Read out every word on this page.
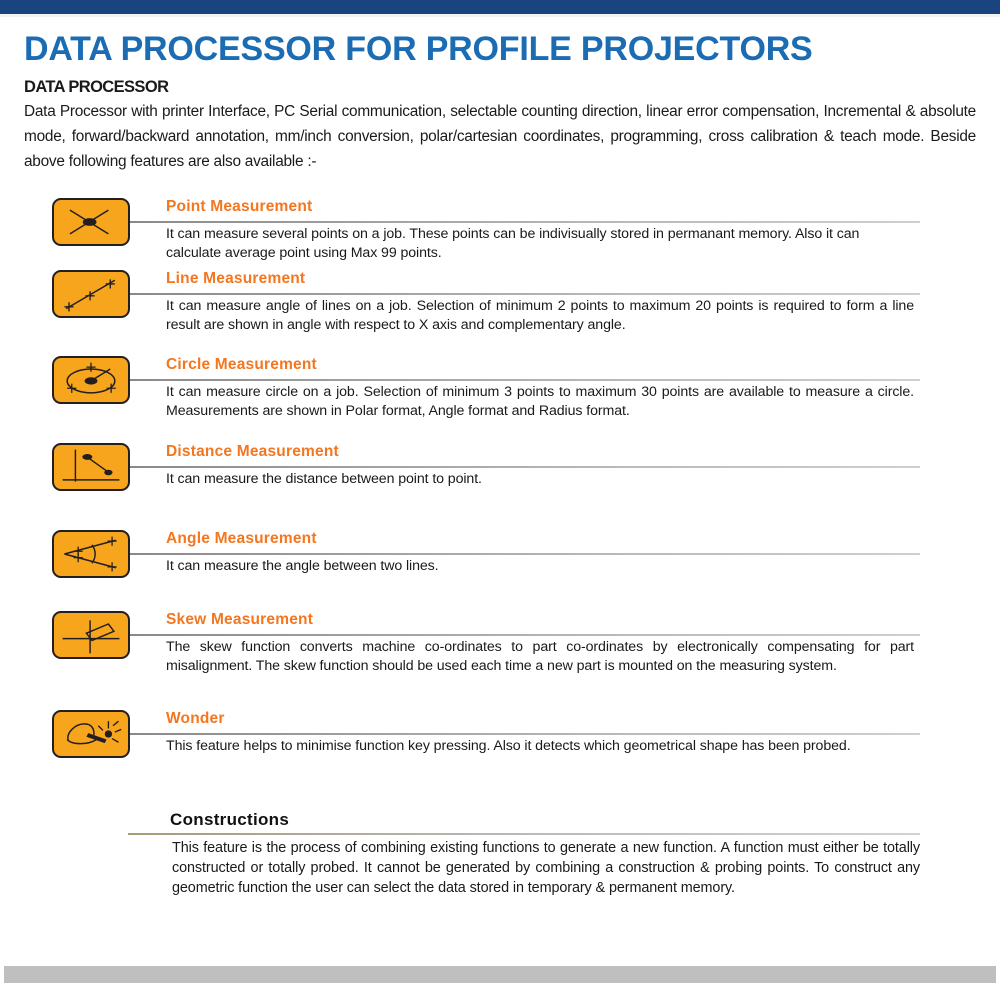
DATA PROCESSOR FOR PROFILE PROJECTORS
DATA PROCESSOR
Data Processor with printer Interface, PC Serial communication, selectable counting direction, linear error compensation, Incremental & absolute mode, forward/backward annotation, mm/inch conversion, polar/cartesian coordinates, programming, cross calibration & teach mode. Beside above following features are also available :-
Point Measurement
It can measure several points on a job. These points can be indivisually stored in permanant memory. Also it can calculate average point using Max 99 points.
Line Measurement
It can measure angle of lines on a job. Selection of minimum 2 points to maximum 20 points is required to form a line result are shown in angle with respect to X axis and complementary angle.
Circle Measurement
It can measure circle on a job. Selection of minimum 3 points to maximum 30 points are available to measure a circle. Measurements are shown in Polar format, Angle format and Radius format.
Distance Measurement
It can measure the distance between point to point.
Angle Measurement
It can measure the angle between two lines.
Skew Measurement
The skew function converts machine co-ordinates to part co-ordinates by electronically compensating for part misalignment. The skew function should be used each time a new part is mounted on the measuring system.
Wonder
This feature helps to minimise function key pressing. Also it detects which geometrical shape has been probed.
Constructions
This feature is the process of combining existing functions to generate a new function. A function must either be totally constructed or totally probed. It cannot be generated by combining a construction & probing points. To construct any geometric function the user can select the data stored in temporary & permanent memory.
